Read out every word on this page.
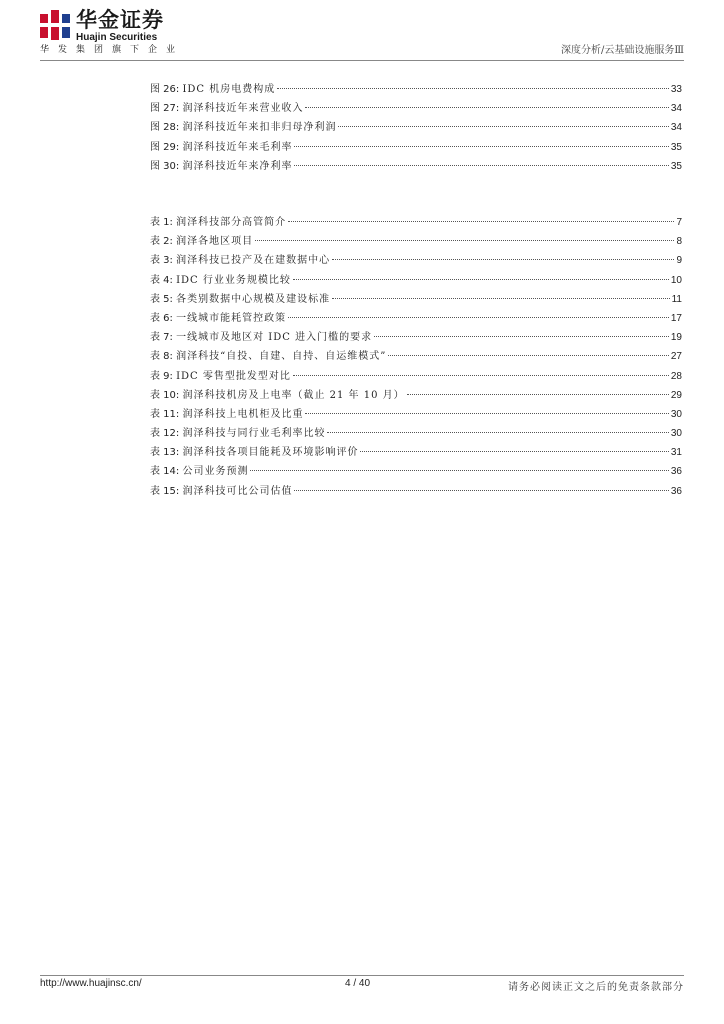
华金证券
Huajin Securities
华发集团旗下企业	深度分析/云基础设施服务Ⅲ
图 26: IDC 机房电费构成	33
图 27: 润泽科技近年来营业收入	34
图 28: 润泽科技近年来扣非归母净利润	34
图 29: 润泽科技近年来毛利率	35
图 30: 润泽科技近年来净利率	35
表 1: 润泽科技部分高管简介	7
表 2: 润泽各地区项目	8
表 3: 润泽科技已投产及在建数据中心	9
表 4: IDC 行业业务规模比较	10
表 5: 各类别数据中心规模及建设标准	11
表 6: 一线城市能耗管控政策	17
表 7: 一线城市及地区对 IDC 进入门槛的要求	19
表 8: 润泽科技“自投、自建、自持、自运维模式”	27
表 9: IDC 零售型批发型对比	28
表 10: 润泽科技机房及上电率（截止 21 年 10 月）	29
表 11: 润泽科技上电机柜及比重	30
表 12: 润泽科技与同行业毛利率比较	30
表 13: 润泽科技各项目能耗及环境影响评价	31
表 14: 公司业务预测	36
表 15: 润泽科技可比公司估值	36
http://www.huajinsc.cn/	4 / 40	请务必阅读正文之后的免责条款部分
